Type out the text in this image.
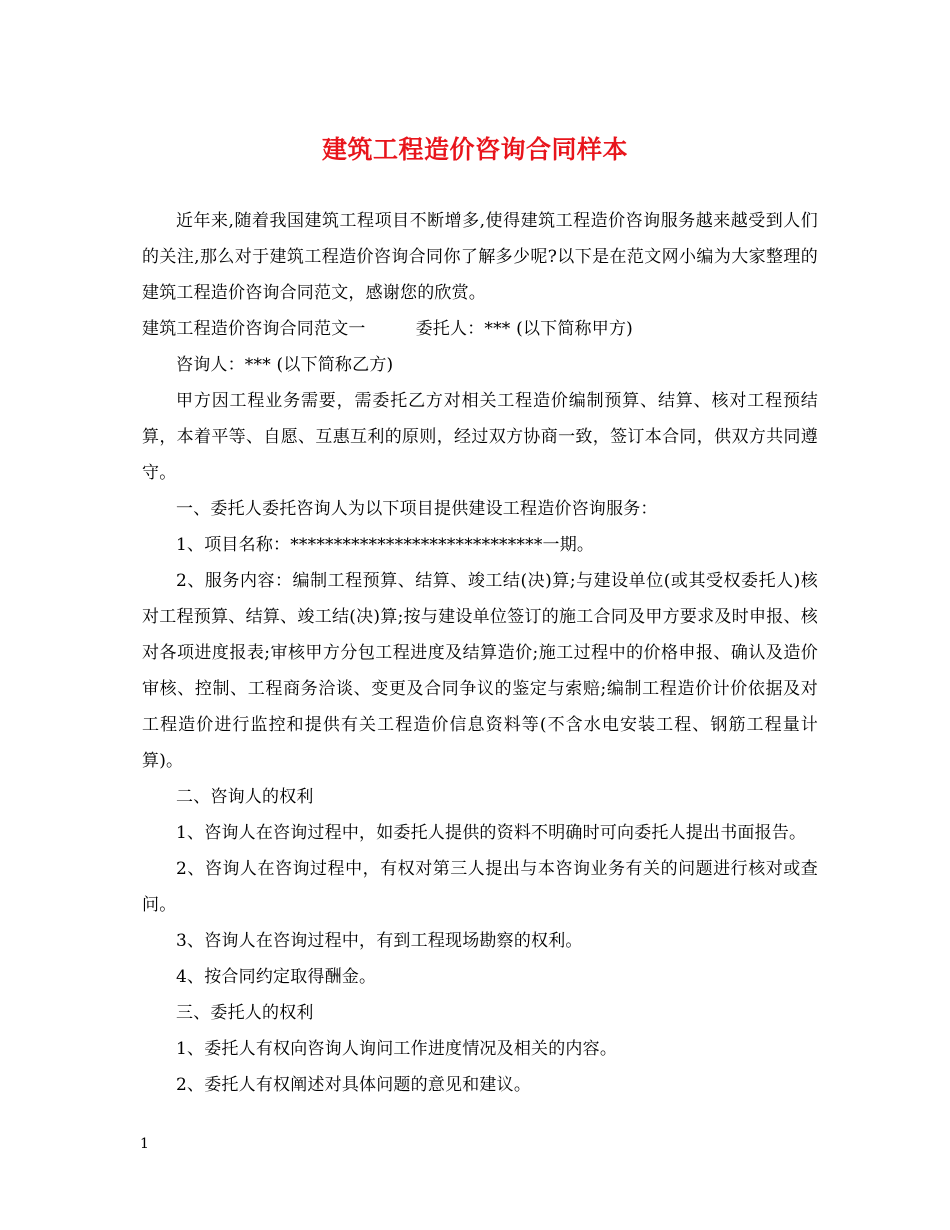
建筑工程造价咨询合同样本

近年来,随着我国建筑工程项目不断增多,使得建筑工程造价咨询服务越来越受到人们的关注,那么对于建筑工程造价咨询合同你了解多少呢?以下是在范文网小编为大家整理的建筑工程造价咨询合同范文，感谢您的欣赏。

建筑工程造价咨询合同范文一	委托人：*** (以下简称甲方)

咨询人：*** (以下简称乙方)

甲方因工程业务需要，需委托乙方对相关工程造价编制预算、结算、核对工程预结算，本着平等、自愿、互惠互利的原则，经过双方协商一致，签订本合同，供双方共同遵守。

一、委托人委托咨询人为以下项目提供建设工程造价咨询服务：

1、项目名称：*****************************一期。

2、服务内容：编制工程预算、结算、竣工结(决)算;与建设单位(或其受权委托人)核对工程预算、结算、竣工结(决)算;按与建设单位签订的施工合同及甲方要求及时申报、核对各项进度报表;审核甲方分包工程进度及结算造价;施工过程中的价格申报、确认及造价审核、控制、工程商务洽谈、变更及合同争议的鉴定与索赔;编制工程造价计价依据及对工程造价进行监控和提供有关工程造价信息资料等(不含水电安装工程、钢筋工程量计算)。

二、咨询人的权利

1、咨询人在咨询过程中，如委托人提供的资料不明确时可向委托人提出书面报告。

2、咨询人在咨询过程中，有权对第三人提出与本咨询业务有关的问题进行核对或查问。

3、咨询人在咨询过程中，有到工程现场勘察的权利。

4、按合同约定取得酬金。

三、委托人的权利

1、委托人有权向咨询人询问工作进度情况及相关的内容。

2、委托人有权阐述对具体问题的意见和建议。

1
